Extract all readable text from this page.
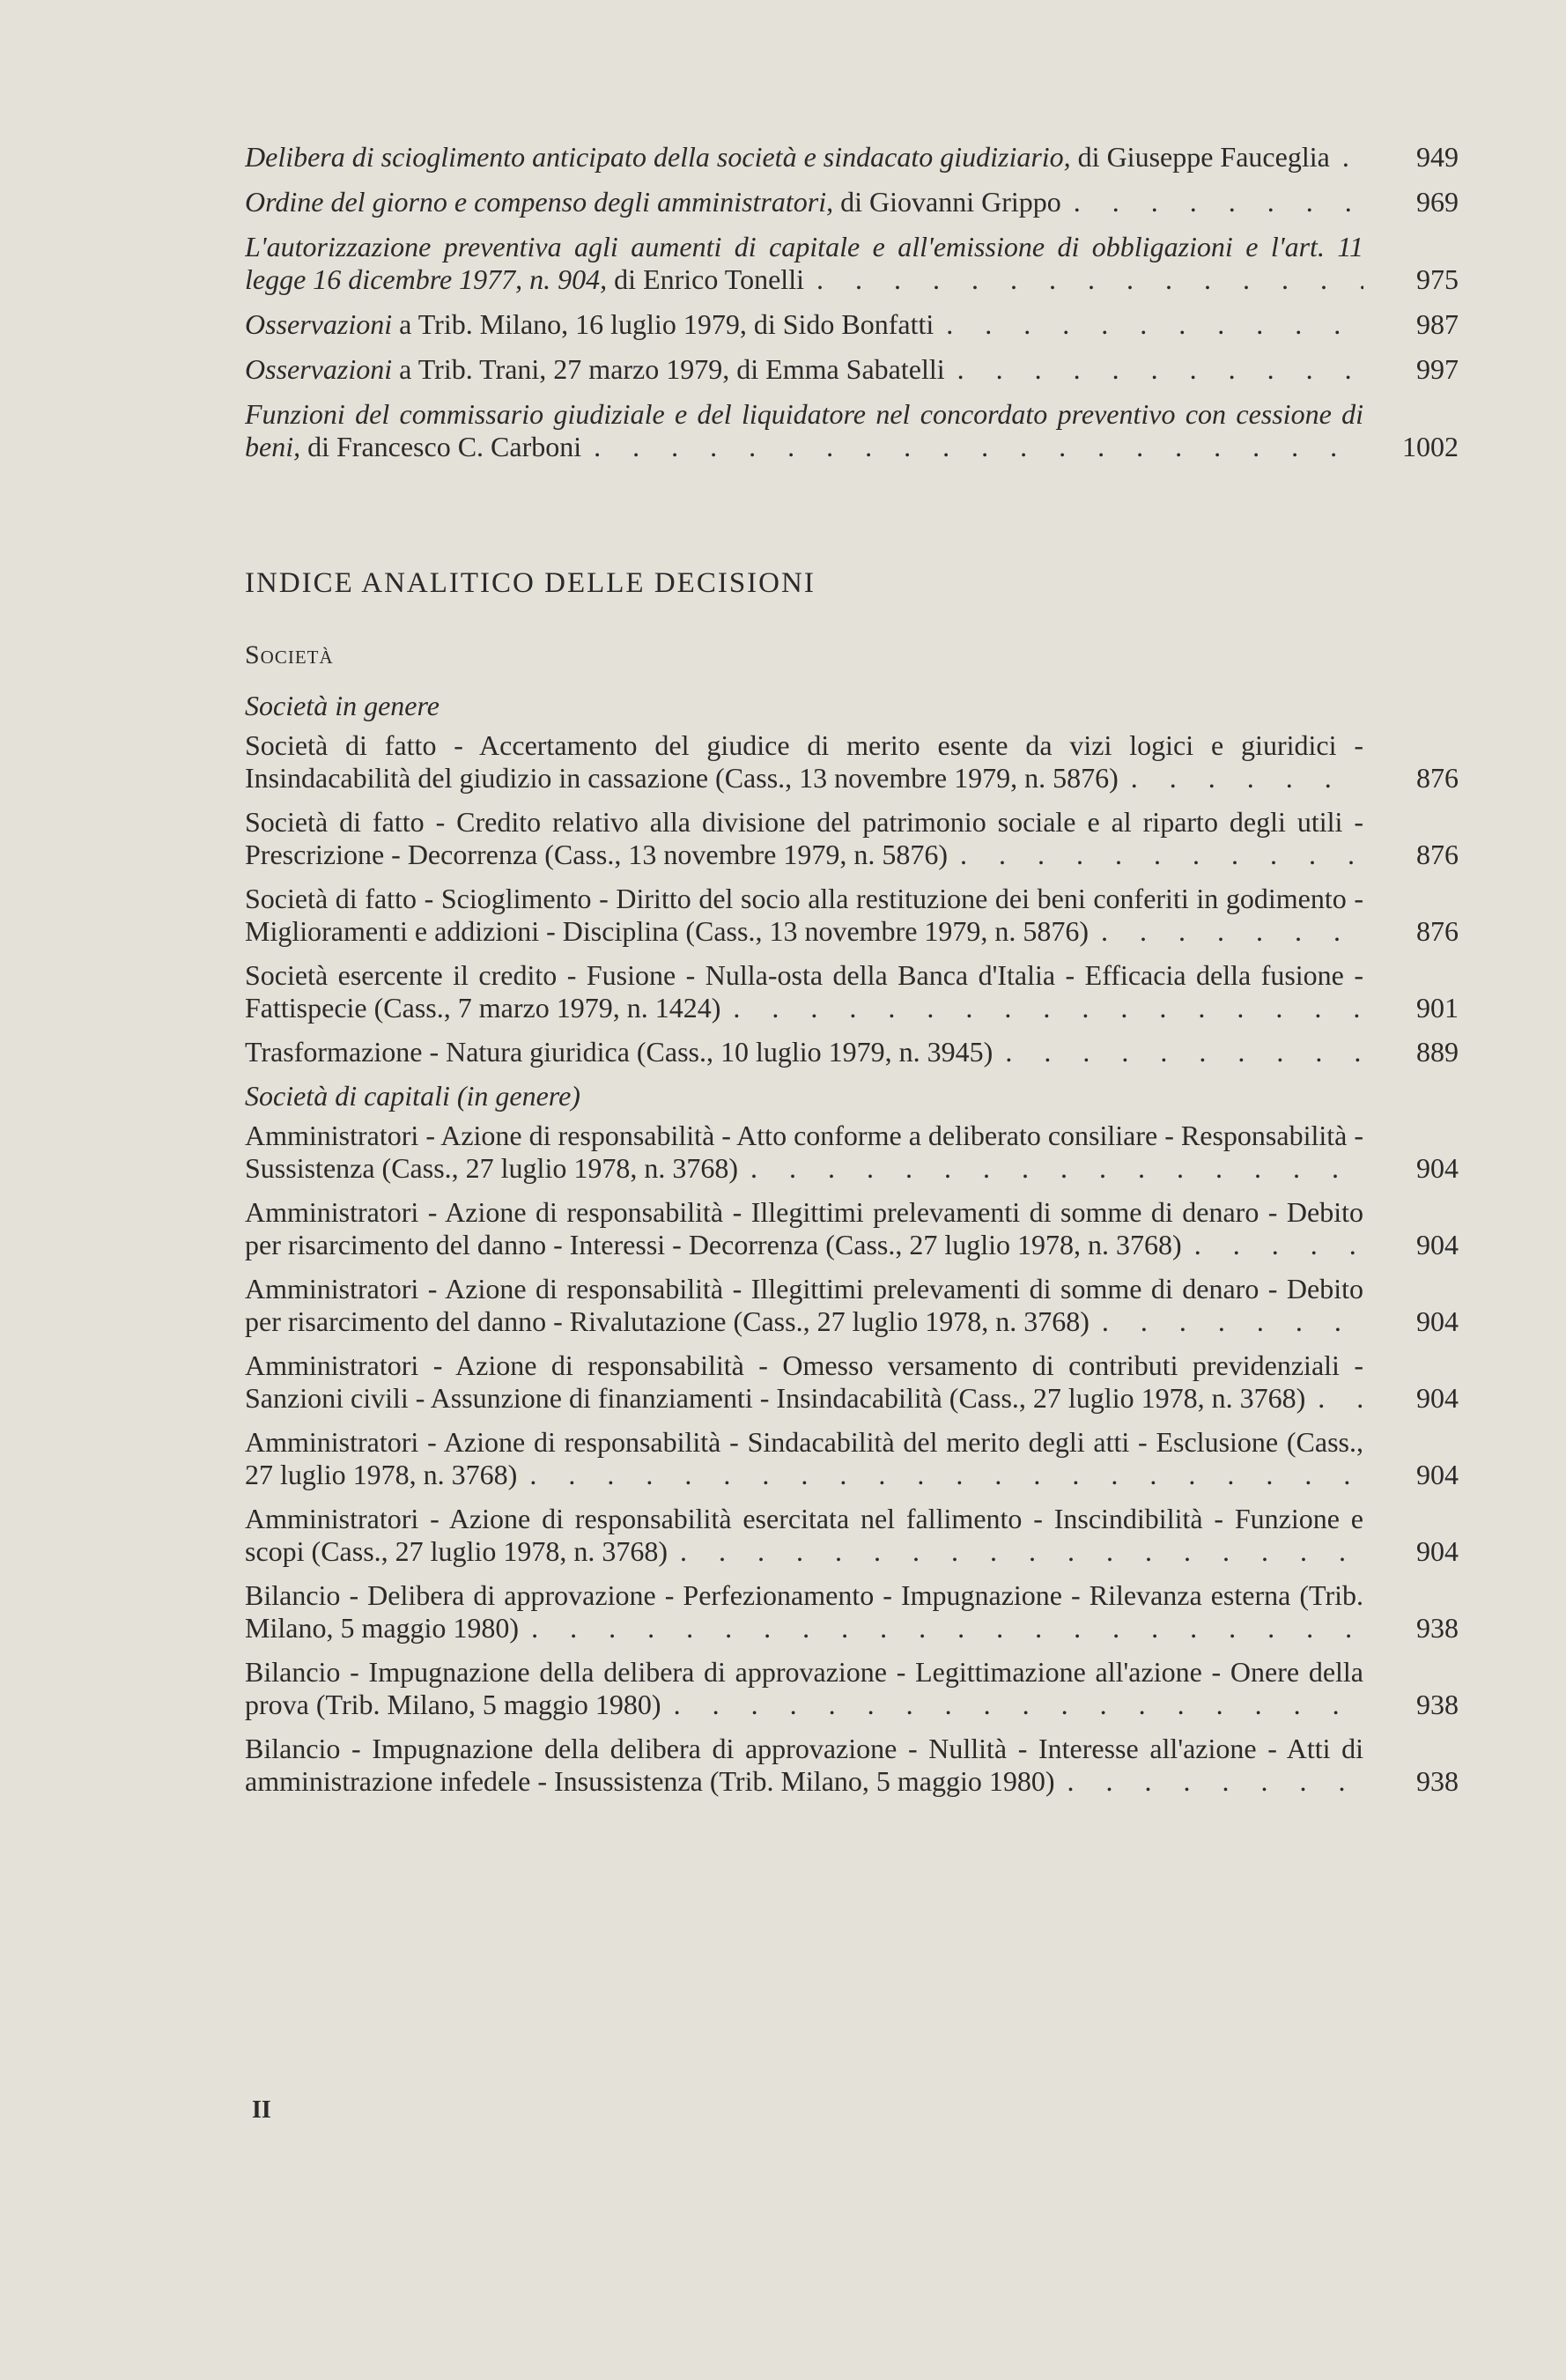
Delibera di scioglimento anticipato della società e sindacato giudiziario, di Giuseppe Fauceglia . . .	949
Ordine del giorno e compenso degli amministratori, di Giovanni Grippo . . .	969
L'autorizzazione preventiva agli aumenti di capitale e all'emissione di obbligazioni e l'art. 11 legge 16 dicembre 1977, n. 904, di Enrico Tonelli . . .	975
Osservazioni a Trib. Milano, 16 luglio 1979, di Sido Bonfatti . . .	987
Osservazioni a Trib. Trani, 27 marzo 1979, di Emma Sabatelli . . .	997
Funzioni del commissario giudiziale e del liquidatore nel concordato preventivo con cessione di beni, di Francesco C. Carboni . . .	1002
INDICE ANALITICO DELLE DECISIONI
Società
Società in genere
Società di fatto - Accertamento del giudice di merito esente da vizi logici e giuridici - Insindacabilità del giudizio in cassazione (Cass., 13 novembre 1979, n. 5876) . . .	876
Società di fatto - Credito relativo alla divisione del patrimonio sociale e al riparto degli utili - Prescrizione - Decorrenza (Cass., 13 novembre 1979, n. 5876) . . .	876
Società di fatto - Scioglimento - Diritto del socio alla restituzione dei beni conferiti in godimento - Miglioramenti e addizioni - Disciplina (Cass., 13 novembre 1979, n. 5876) . . .	876
Società esercente il credito - Fusione - Nulla-osta della Banca d'Italia - Efficacia della fusione - Fattispecie (Cass., 7 marzo 1979, n. 1424) . . .	901
Trasformazione - Natura giuridica (Cass., 10 luglio 1979, n. 3945) . . .	889
Società di capitali (in genere)
Amministratori - Azione di responsabilità - Atto conforme a deliberato consiliare - Responsabilità - Sussistenza (Cass., 27 luglio 1978, n. 3768) . . .	904
Amministratori - Azione di responsabilità - Illegittimi prelevamenti di somme di denaro - Debito per risarcimento del danno - Interessi - Decorrenza (Cass., 27 luglio 1978, n. 3768) . . .	904
Amministratori - Azione di responsabilità - Illegittimi prelevamenti di somme di denaro - Debito per risarcimento del danno - Rivalutazione (Cass., 27 luglio 1978, n. 3768) . . .	904
Amministratori - Azione di responsabilità - Omesso versamento di contributi previdenziali - Sanzioni civili - Assunzione di finanziamenti - Insindacabilità (Cass., 27 luglio 1978, n. 3768) . . .	904
Amministratori - Azione di responsabilità - Sindacabilità del merito degli atti - Esclusione (Cass., 27 luglio 1978, n. 3768) . . .	904
Amministratori - Azione di responsabilità esercitata nel fallimento - Inscindibilità - Funzione e scopi (Cass., 27 luglio 1978, n. 3768) . . .	904
Bilancio - Delibera di approvazione - Perfezionamento - Impugnazione - Rilevanza esterna (Trib. Milano, 5 maggio 1980) . . .	938
Bilancio - Impugnazione della delibera di approvazione - Legittimazione all'azione - Onere della prova (Trib. Milano, 5 maggio 1980) . . .	938
Bilancio - Impugnazione della delibera di approvazione - Nullità - Interesse all'azione - Atti di amministrazione infedele - Insussistenza (Trib. Milano, 5 maggio 1980) . . .	938
II
